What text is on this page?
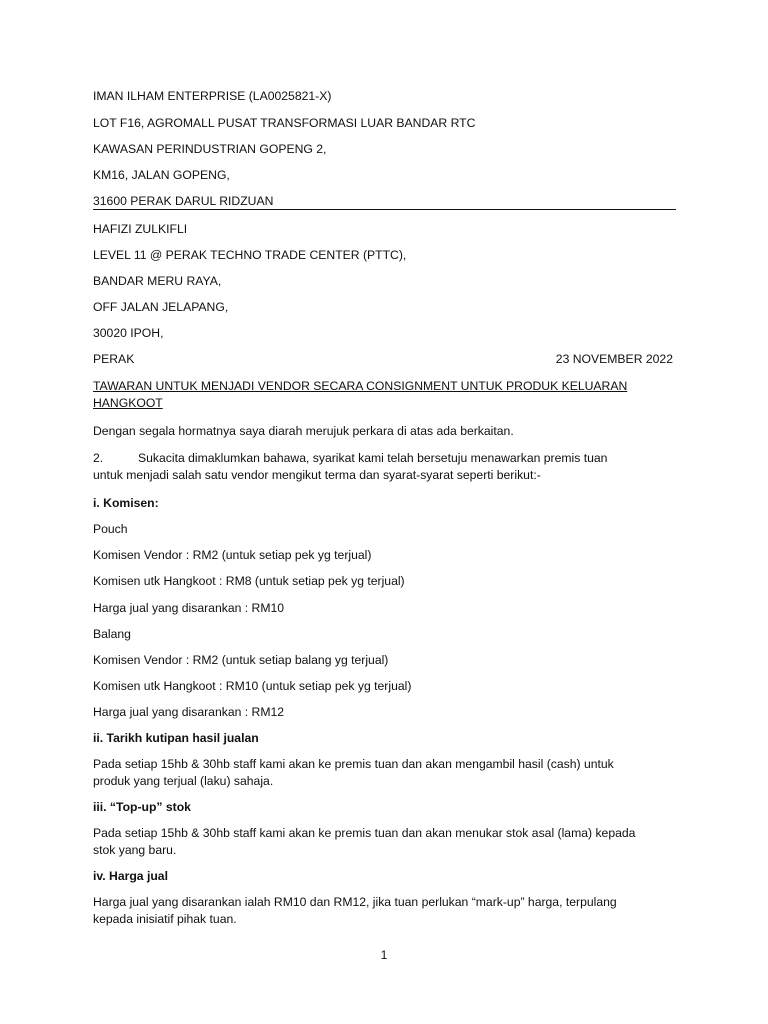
IMAN ILHAM ENTERPRISE (LA0025821-X)
LOT F16, AGROMALL PUSAT TRANSFORMASI LUAR BANDAR RTC
KAWASAN PERINDUSTRIAN GOPENG 2,
KM16, JALAN GOPENG,
31600 PERAK DARUL RIDZUAN
HAFIZI ZULKIFLI
LEVEL 11 @ PERAK TECHNO TRADE CENTER (PTTC),
BANDAR MERU RAYA,
OFF JALAN JELAPANG,
30020 IPOH,
PERAK	23 NOVEMBER 2022
TAWARAN UNTUK MENJADI VENDOR SECARA CONSIGNMENT UNTUK PRODUK KELUARAN
HANGKOOT
Dengan segala hormatnya saya diarah merujuk perkara di atas ada berkaitan.
2.	Sukacita dimaklumkan bahawa, syarikat kami telah bersetuju menawarkan premis tuan
untuk menjadi salah satu vendor mengikut terma dan syarat-syarat seperti berikut:-
i. Komisen:
Pouch
Komisen Vendor : RM2 (untuk setiap pek yg terjual)
Komisen utk Hangkoot : RM8 (untuk setiap pek yg terjual)
Harga jual yang disarankan : RM10
Balang
Komisen Vendor : RM2 (untuk setiap balang yg terjual)
Komisen utk Hangkoot : RM10 (untuk setiap pek yg terjual)
Harga jual yang disarankan : RM12
ii. Tarikh kutipan hasil jualan
Pada setiap 15hb & 30hb staff kami akan ke premis tuan dan akan mengambil hasil (cash) untuk
produk yang terjual (laku) sahaja.
iii. “Top-up” stok
Pada setiap 15hb & 30hb staff kami akan ke premis tuan dan akan menukar stok asal (lama) kepada
stok yang baru.
iv. Harga jual
Harga jual yang disarankan ialah RM10 dan RM12, jika tuan perlukan “mark-up” harga, terpulang
kepada inisiatif pihak tuan.
1
